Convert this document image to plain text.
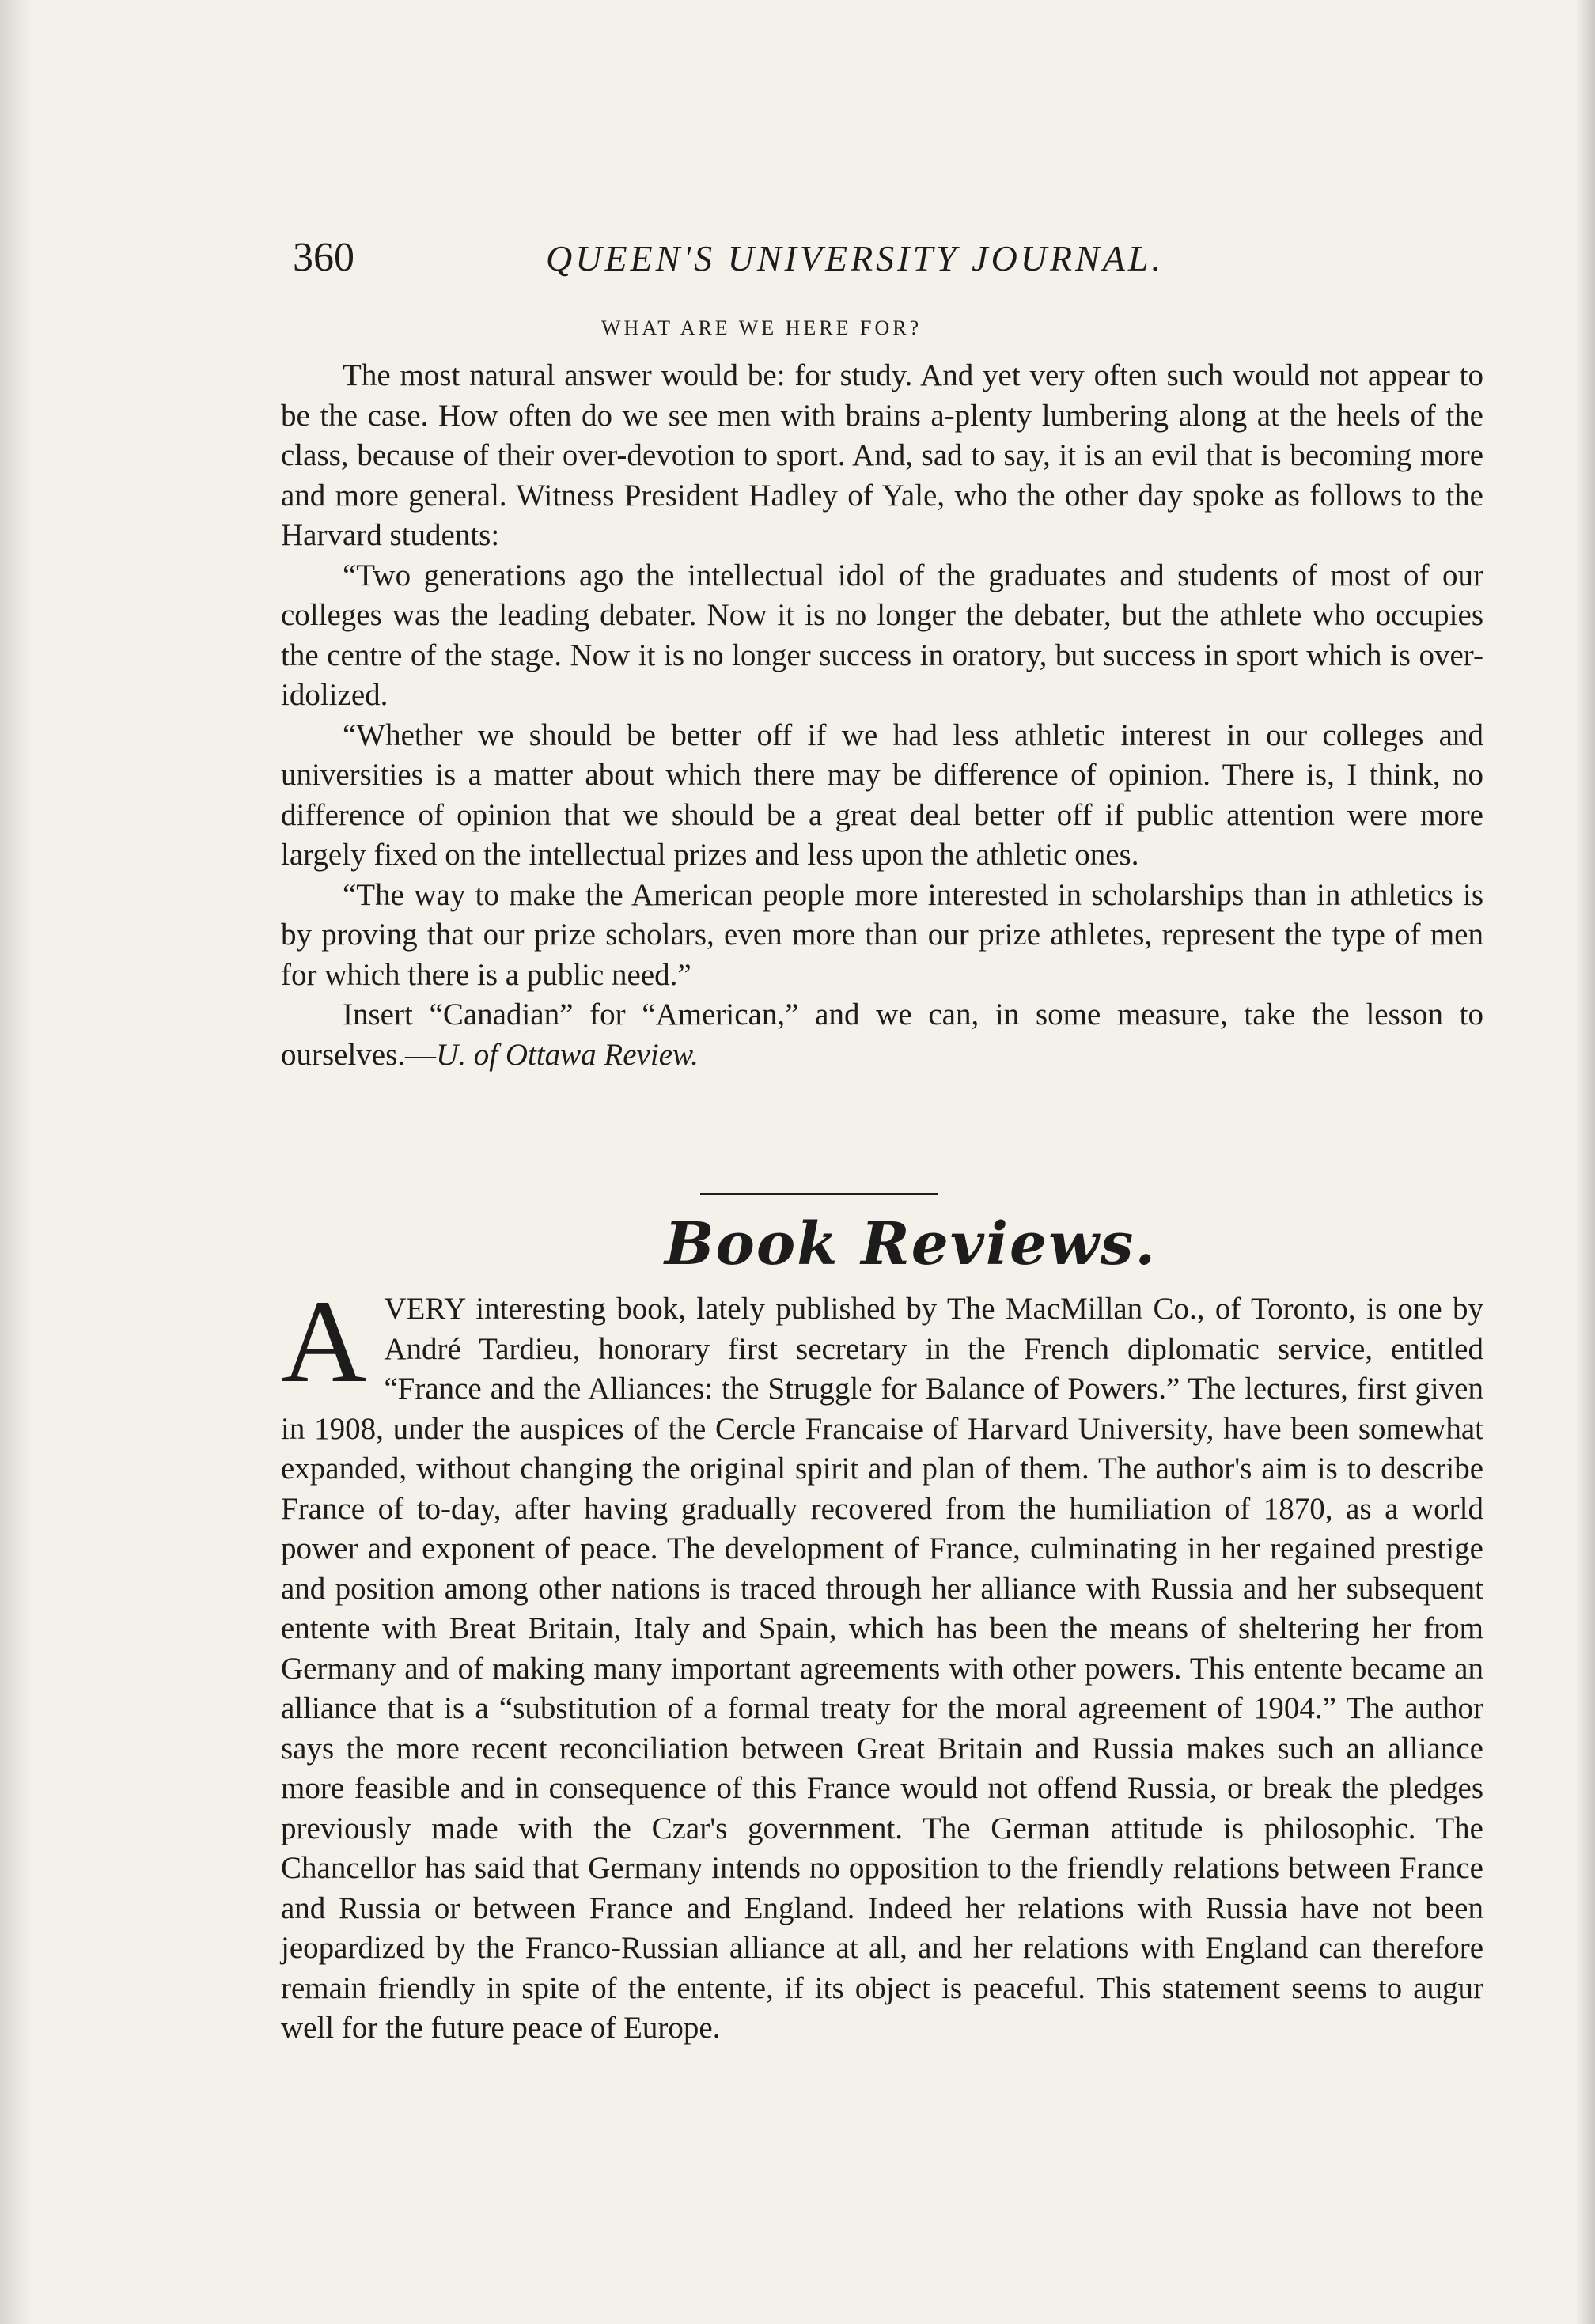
360	QUEEN'S UNIVERSITY JOURNAL.
WHAT ARE WE HERE FOR?

The most natural answer would be: for study. And yet very often such would not appear to be the case. How often do we see men with brains a-plenty lumbering along at the heels of the class, because of their over-devotion to sport. And, sad to say, it is an evil that is becoming more and more general. Witness President Hadley of Yale, who the other day spoke as follows to the Harvard students:

“Two generations ago the intellectual idol of the graduates and students of most of our colleges was the leading debater. Now it is no longer the debater, but the athlete who occupies the centre of the stage. Now it is no longer success in oratory, but success in sport which is over-idolized.

“Whether we should be better off if we had less athletic interest in our colleges and universities is a matter about which there may be difference of opinion. There is, I think, no difference of opinion that we should be a great deal better off if public attention were more largely fixed on the intellectual prizes and less upon the athletic ones.

“The way to make the American people more interested in scholarships than in athletics is by proving that our prize scholars, even more than our prize athletes, represent the type of men for which there is a public need.”

Insert “Canadian” for “American,” and we can, in some measure, take the lesson to ourselves.—U. of Ottawa Review.

Book Reviews.

AVERY interesting book, lately published by The MacMillan Co., of Toronto, is one by André Tardieu, honorary first secretary in the French diplomatic service, entitled “France and the Alliances: the Struggle for Balance of Powers.” The lectures, first given in 1908, under the auspices of the Cercle Francaise of Harvard University, have been somewhat expanded, without changing the original spirit and plan of them. The author's aim is to describe France of to-day, after having gradually recovered from the humiliation of 1870, as a world power and exponent of peace. The development of France, culminating in her regained prestige and position among other nations is traced through her alliance with Russia and her subsequent entente with Breat Britain, Italy and Spain, which has been the means of sheltering her from Germany and of making many important agreements with other powers. This entente became an alliance that is a “substitution of a formal treaty for the moral agreement of 1904.” The author says the more recent reconciliation between Great Britain and Russia makes such an alliance more feasible and in consequence of this France would not offend Russia, or break the pledges previously made with the Czar's government. The German attitude is philosophic. The Chancellor has said that Germany intends no opposition to the friendly relations between France and Russia or between France and England. Indeed her relations with Russia have not been jeopardized by the Franco-Russian alliance at all, and her relations with England can therefore remain friendly in spite of the entente, if its object is peaceful. This statement seems to augur well for the future peace of Europe.
